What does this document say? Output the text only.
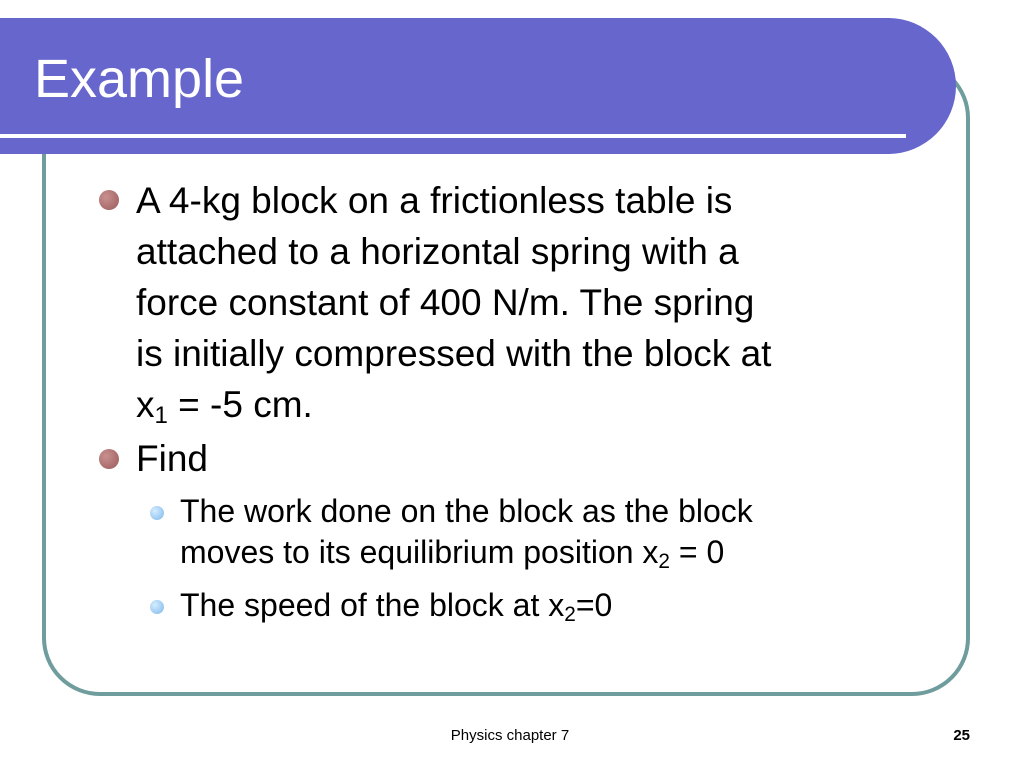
Example

A 4-kg block on a frictionless table is
attached to a horizontal spring with a
force constant of 400 N/m. The spring
is initially compressed with the block at
$x_1 = -5$ cm.

Find

The work done on the block as the block
moves to its equilibrium position $x_2 = 0$

The speed of the block at $x_2=0$

Physics chapter 7	25
